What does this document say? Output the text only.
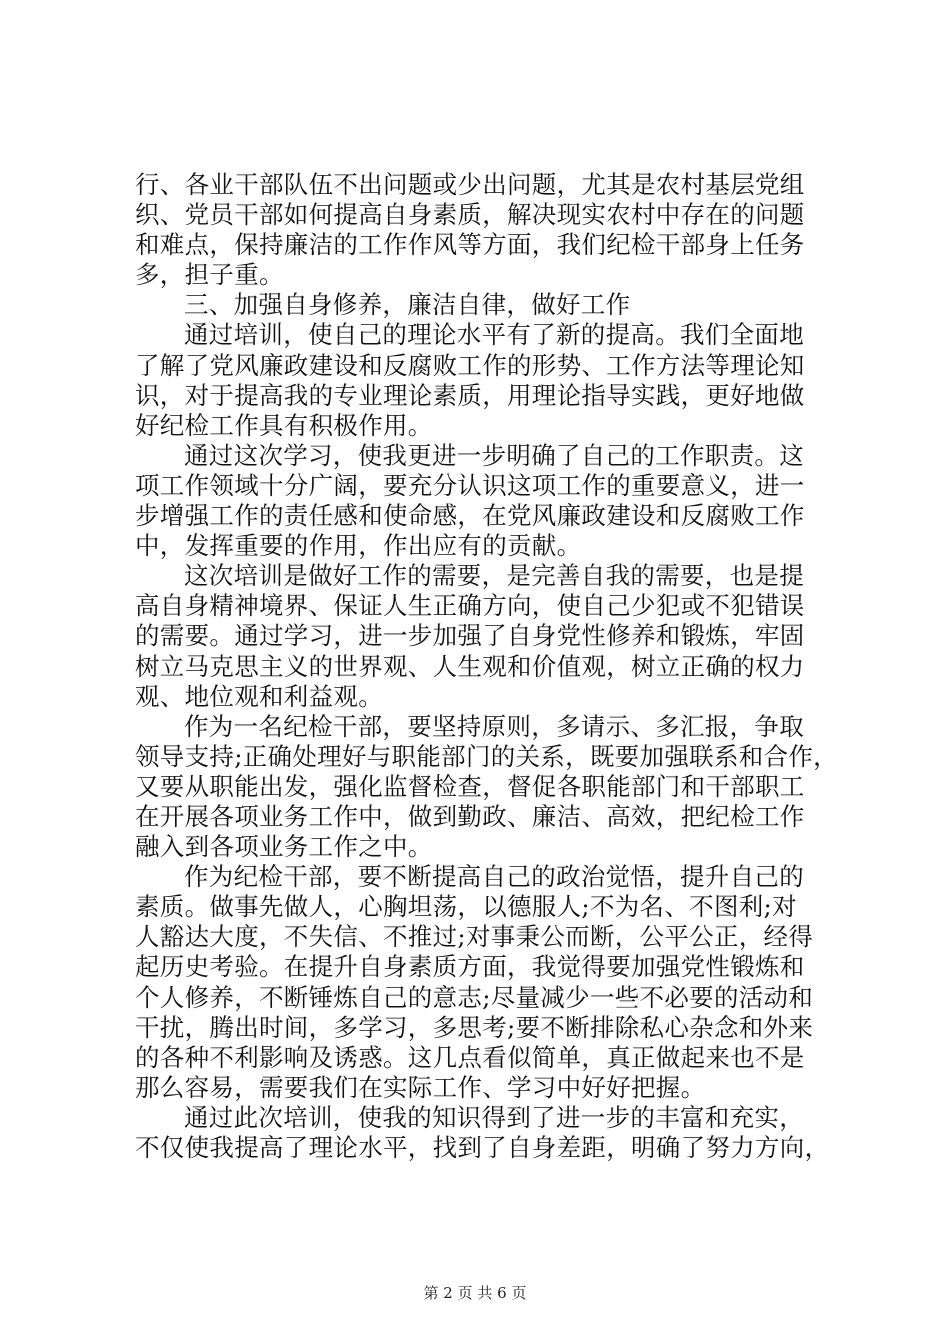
行、各业干部队伍不出问题或少出问题，尤其是农村基层党组
织、党员干部如何提高自身素质，解决现实农村中存在的问题
和难点，保持廉洁的工作作风等方面，我们纪检干部身上任务
多，担子重。
三、加强自身修养，廉洁自律，做好工作
通过培训，使自己的理论水平有了新的提高。我们全面地
了解了党风廉政建设和反腐败工作的形势、工作方法等理论知
识，对于提高我的专业理论素质，用理论指导实践，更好地做
好纪检工作具有积极作用。
通过这次学习，使我更进一步明确了自己的工作职责。这
项工作领域十分广阔，要充分认识这项工作的重要意义，进一
步增强工作的责任感和使命感，在党风廉政建设和反腐败工作
中，发挥重要的作用，作出应有的贡献。
这次培训是做好工作的需要，是完善自我的需要，也是提
高自身精神境界、保证人生正确方向，使自己少犯或不犯错误
的需要。通过学习，进一步加强了自身党性修养和锻炼，牢固
树立马克思主义的世界观、人生观和价值观，树立正确的权力
观、地位观和利益观。
作为一名纪检干部，要坚持原则，多请示、多汇报，争取
领导支持;正确处理好与职能部门的关系，既要加强联系和合作，
又要从职能出发，强化监督检查，督促各职能部门和干部职工
在开展各项业务工作中，做到勤政、廉洁、高效，把纪检工作
融入到各项业务工作之中。
作为纪检干部，要不断提高自己的政治觉悟，提升自己的
素质。做事先做人，心胸坦荡，以德服人;不为名、不图利;对
人豁达大度，不失信、不推过;对事秉公而断，公平公正，经得
起历史考验。在提升自身素质方面，我觉得要加强党性锻炼和
个人修养，不断锤炼自己的意志;尽量减少一些不必要的活动和
干扰，腾出时间，多学习，多思考;要不断排除私心杂念和外来
的各种不利影响及诱惑。这几点看似简单，真正做起来也不是
那么容易，需要我们在实际工作、学习中好好把握。
通过此次培训，使我的知识得到了进一步的丰富和充实，
不仅使我提高了理论水平，找到了自身差距，明确了努力方向，
第 2 页 共 6 页
